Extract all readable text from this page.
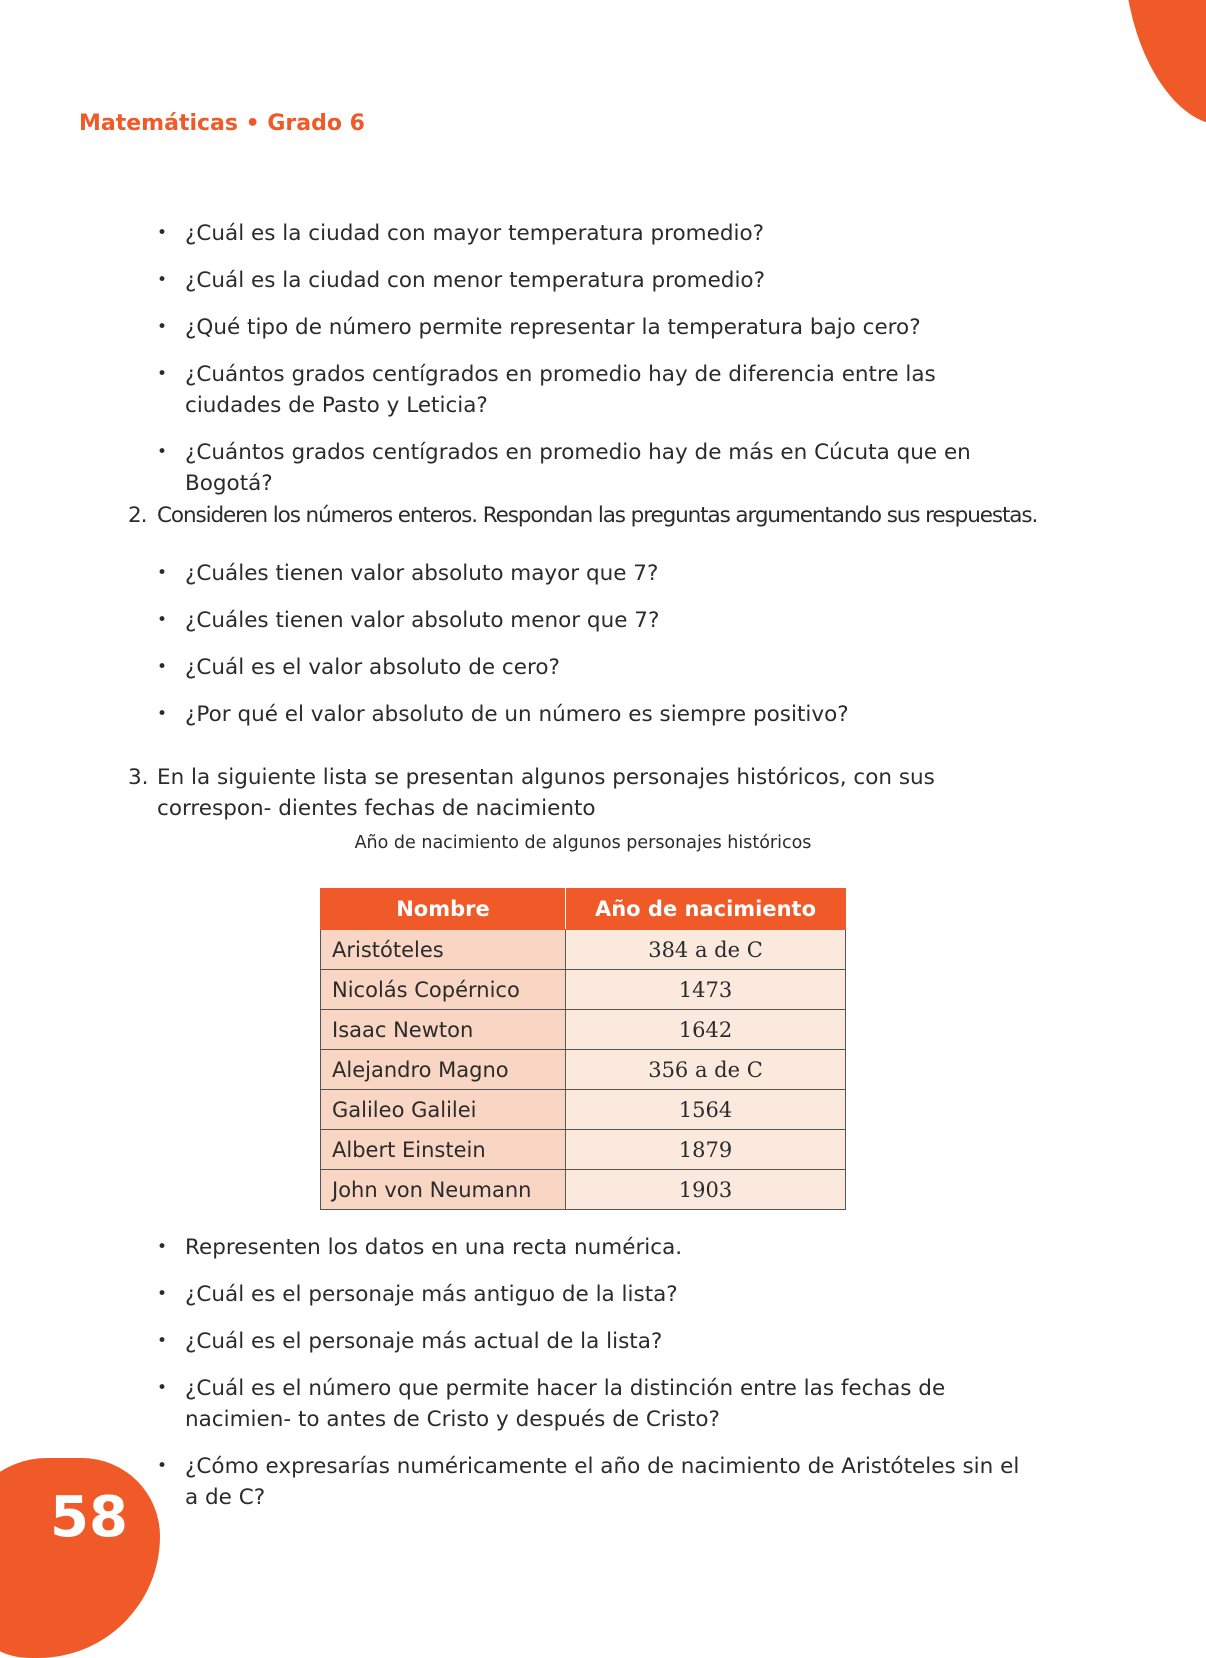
Matemáticas • Grado 6
• ¿Cuál es la ciudad con mayor temperatura promedio?
• ¿Cuál es la ciudad con menor temperatura promedio?
• ¿Qué tipo de número permite representar la temperatura bajo cero?
• ¿Cuántos grados centígrados en promedio hay de diferencia entre las ciudades de Pasto y Leticia?
• ¿Cuántos grados centígrados en promedio hay de más en Cúcuta que en Bogotá?
2. Consideren los números enteros. Respondan las preguntas argumentando sus respuestas.
• ¿Cuáles tienen valor absoluto mayor que 7?
• ¿Cuáles tienen valor absoluto menor que 7?
• ¿Cuál es el valor absoluto de cero?
• ¿Por qué el valor absoluto de un número es siempre positivo?
3. En la siguiente lista se presentan algunos personajes históricos, con sus correspon- dientes fechas de nacimiento
Año de nacimiento de algunos personajes históricos
Nombre	Año de nacimiento
Aristóteles	384 a de C
Nicolás Copérnico	1473
Isaac Newton	1642
Alejandro Magno	356 a de C
Galileo Galilei	1564
Albert Einstein	1879
John von Neumann	1903
• Representen los datos en una recta numérica.
• ¿Cuál es el personaje más antiguo de la lista?
• ¿Cuál es el personaje más actual de la lista?
• ¿Cuál es el número que permite hacer la distinción entre las fechas de nacimien- to antes de Cristo y después de Cristo?
• ¿Cómo expresarías numéricamente el año de nacimiento de Aristóteles sin el a de C?
58
